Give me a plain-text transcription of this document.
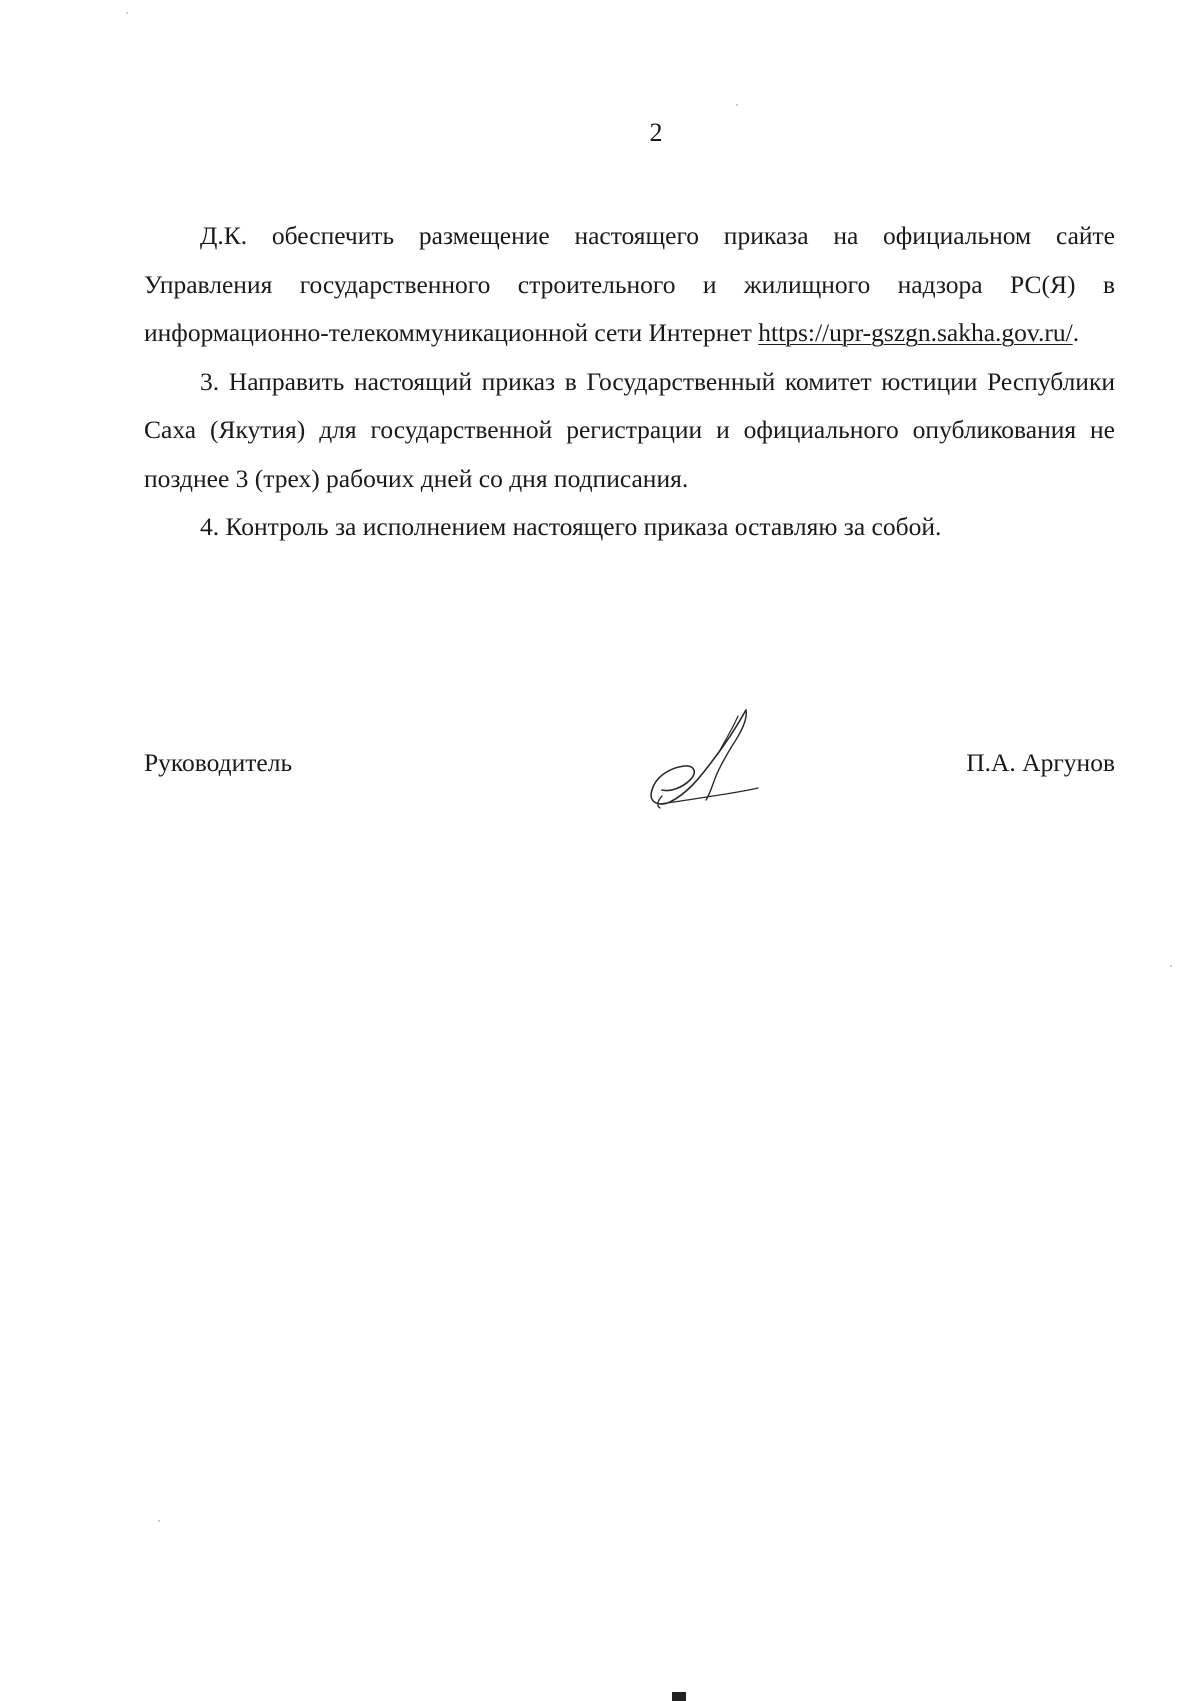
2

Д.К. обеспечить размещение настоящего приказа на официальном сайте Управления государственного строительного и жилищного надзора РС(Я) в информационно-телекоммуникационной сети Интернет https://upr-gszgn.sakha.gov.ru/.

3. Направить настоящий приказ в Государственный комитет юстиции Республики Саха (Якутия) для государственной регистрации и официального опубликования не позднее 3 (трех) рабочих дней со дня подписания.

4. Контроль за исполнением настоящего приказа оставляю за собой.

Руководитель	П.А. Аргунов
